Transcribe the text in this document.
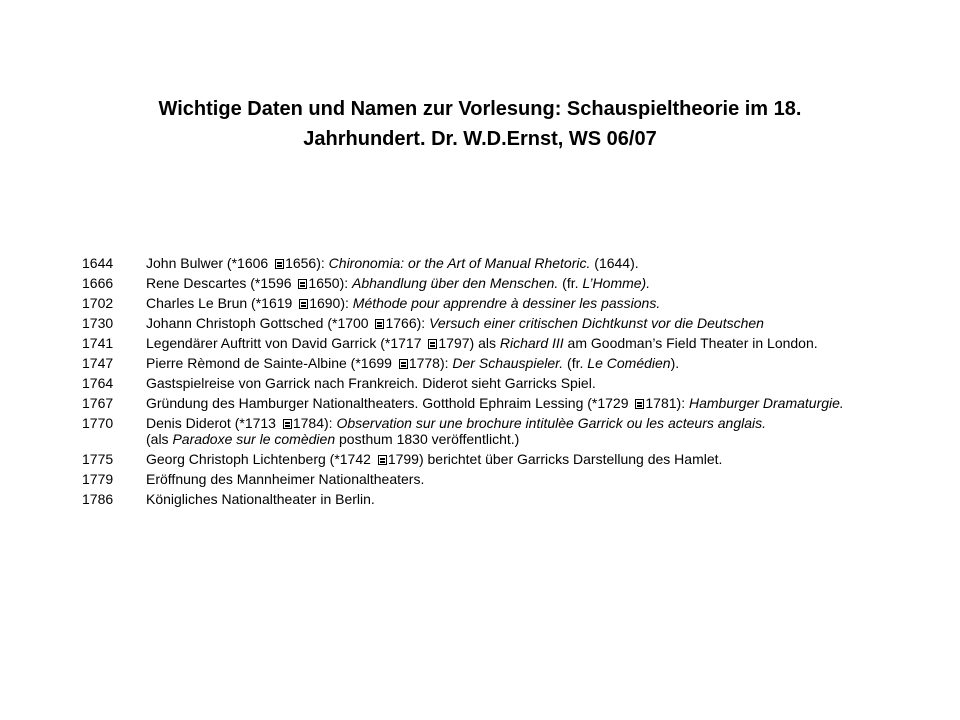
Wichtige Daten und Namen zur Vorlesung: Schauspieltheorie im 18.
Jahrhundert. Dr. W.D.Ernst, WS 06/07
1644	John Bulwer (*1606 1656): Chironomia: or the Art of Manual Rhetoric. (1644).
1666	Rene Descartes (*1596 1650): Abhandlung über den Menschen. (fr. L’Homme).
1702	Charles Le Brun (*1619 1690): Méthode pour apprendre à dessiner les passions.
1730	Johann Christoph Gottsched (*1700 1766): Versuch einer critischen Dichtkunst vor die Deutschen
1741	Legendärer Auftritt von David Garrick (*1717 1797) als Richard III am Goodman’s Field Theater in London.
1747	Pierre Rèmond de Sainte-Albine (*1699 1778): Der Schauspieler. (fr. Le Comédien).
1764	Gastspielreise von Garrick nach Frankreich. Diderot sieht Garricks Spiel.
1767	Gründung des Hamburger Nationaltheaters. Gotthold Ephraim Lessing (*1729 1781): Hamburger Dramaturgie.
1770	Denis Diderot (*1713 1784): Observation sur une brochure intitulèe Garrick ou les acteurs anglais.
(als Paradoxe sur le comèdien posthum 1830 veröffentlicht.)
1775	Georg Christoph Lichtenberg (*1742 1799) berichtet über Garricks Darstellung des Hamlet.
1779	Eröffnung des Mannheimer Nationaltheaters.
1786	Königliches Nationaltheater in Berlin.
